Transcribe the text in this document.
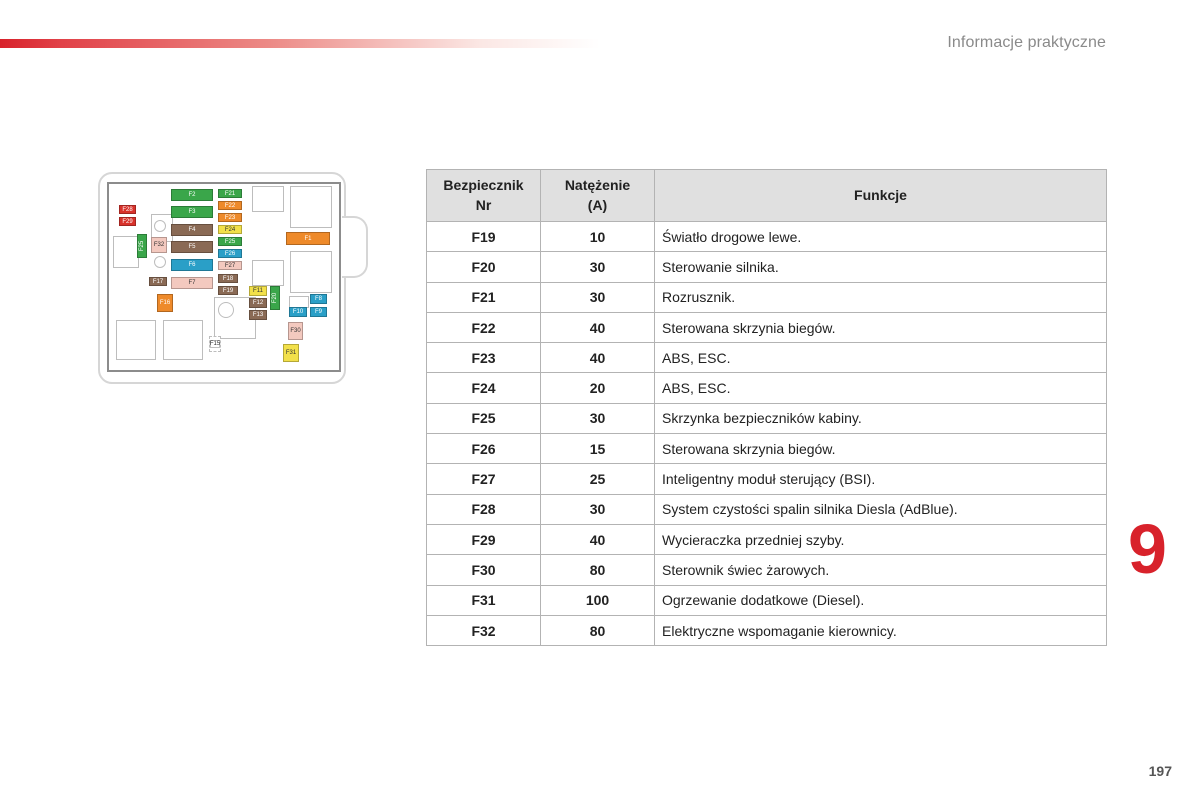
Informacje praktyczne
F2
F3
F4
F5
F6
F7
F1
F21
F22
F23
F24
F25
F26
F27
F18
F19	F11
F12
F13
F20	F8
F9
F10
F30
F31
F28
F29
F32
F17
F16
F25
F15
Bezpiecznik Nr	Natężenie (A)	Funkcje
F19	10	Światło drogowe lewe.
F20	30	Sterowanie silnika.
F21	30	Rozrusznik.
F22	40	Sterowana skrzynia biegów.
F23	40	ABS, ESC.
F24	20	ABS, ESC.
F25	30	Skrzynka bezpieczników kabiny.
F26	15	Sterowana skrzynia biegów.
F27	25	Inteligentny moduł sterujący (BSI).
F28	30	System czystości spalin silnika Diesla (AdBlue).
F29	40	Wycieraczka przedniej szyby.
F30	80	Sterownik świec żarowych.
F31	100	Ogrzewanie dodatkowe (Diesel).
F32	80	Elektryczne wspomaganie kierownicy.
9
197
